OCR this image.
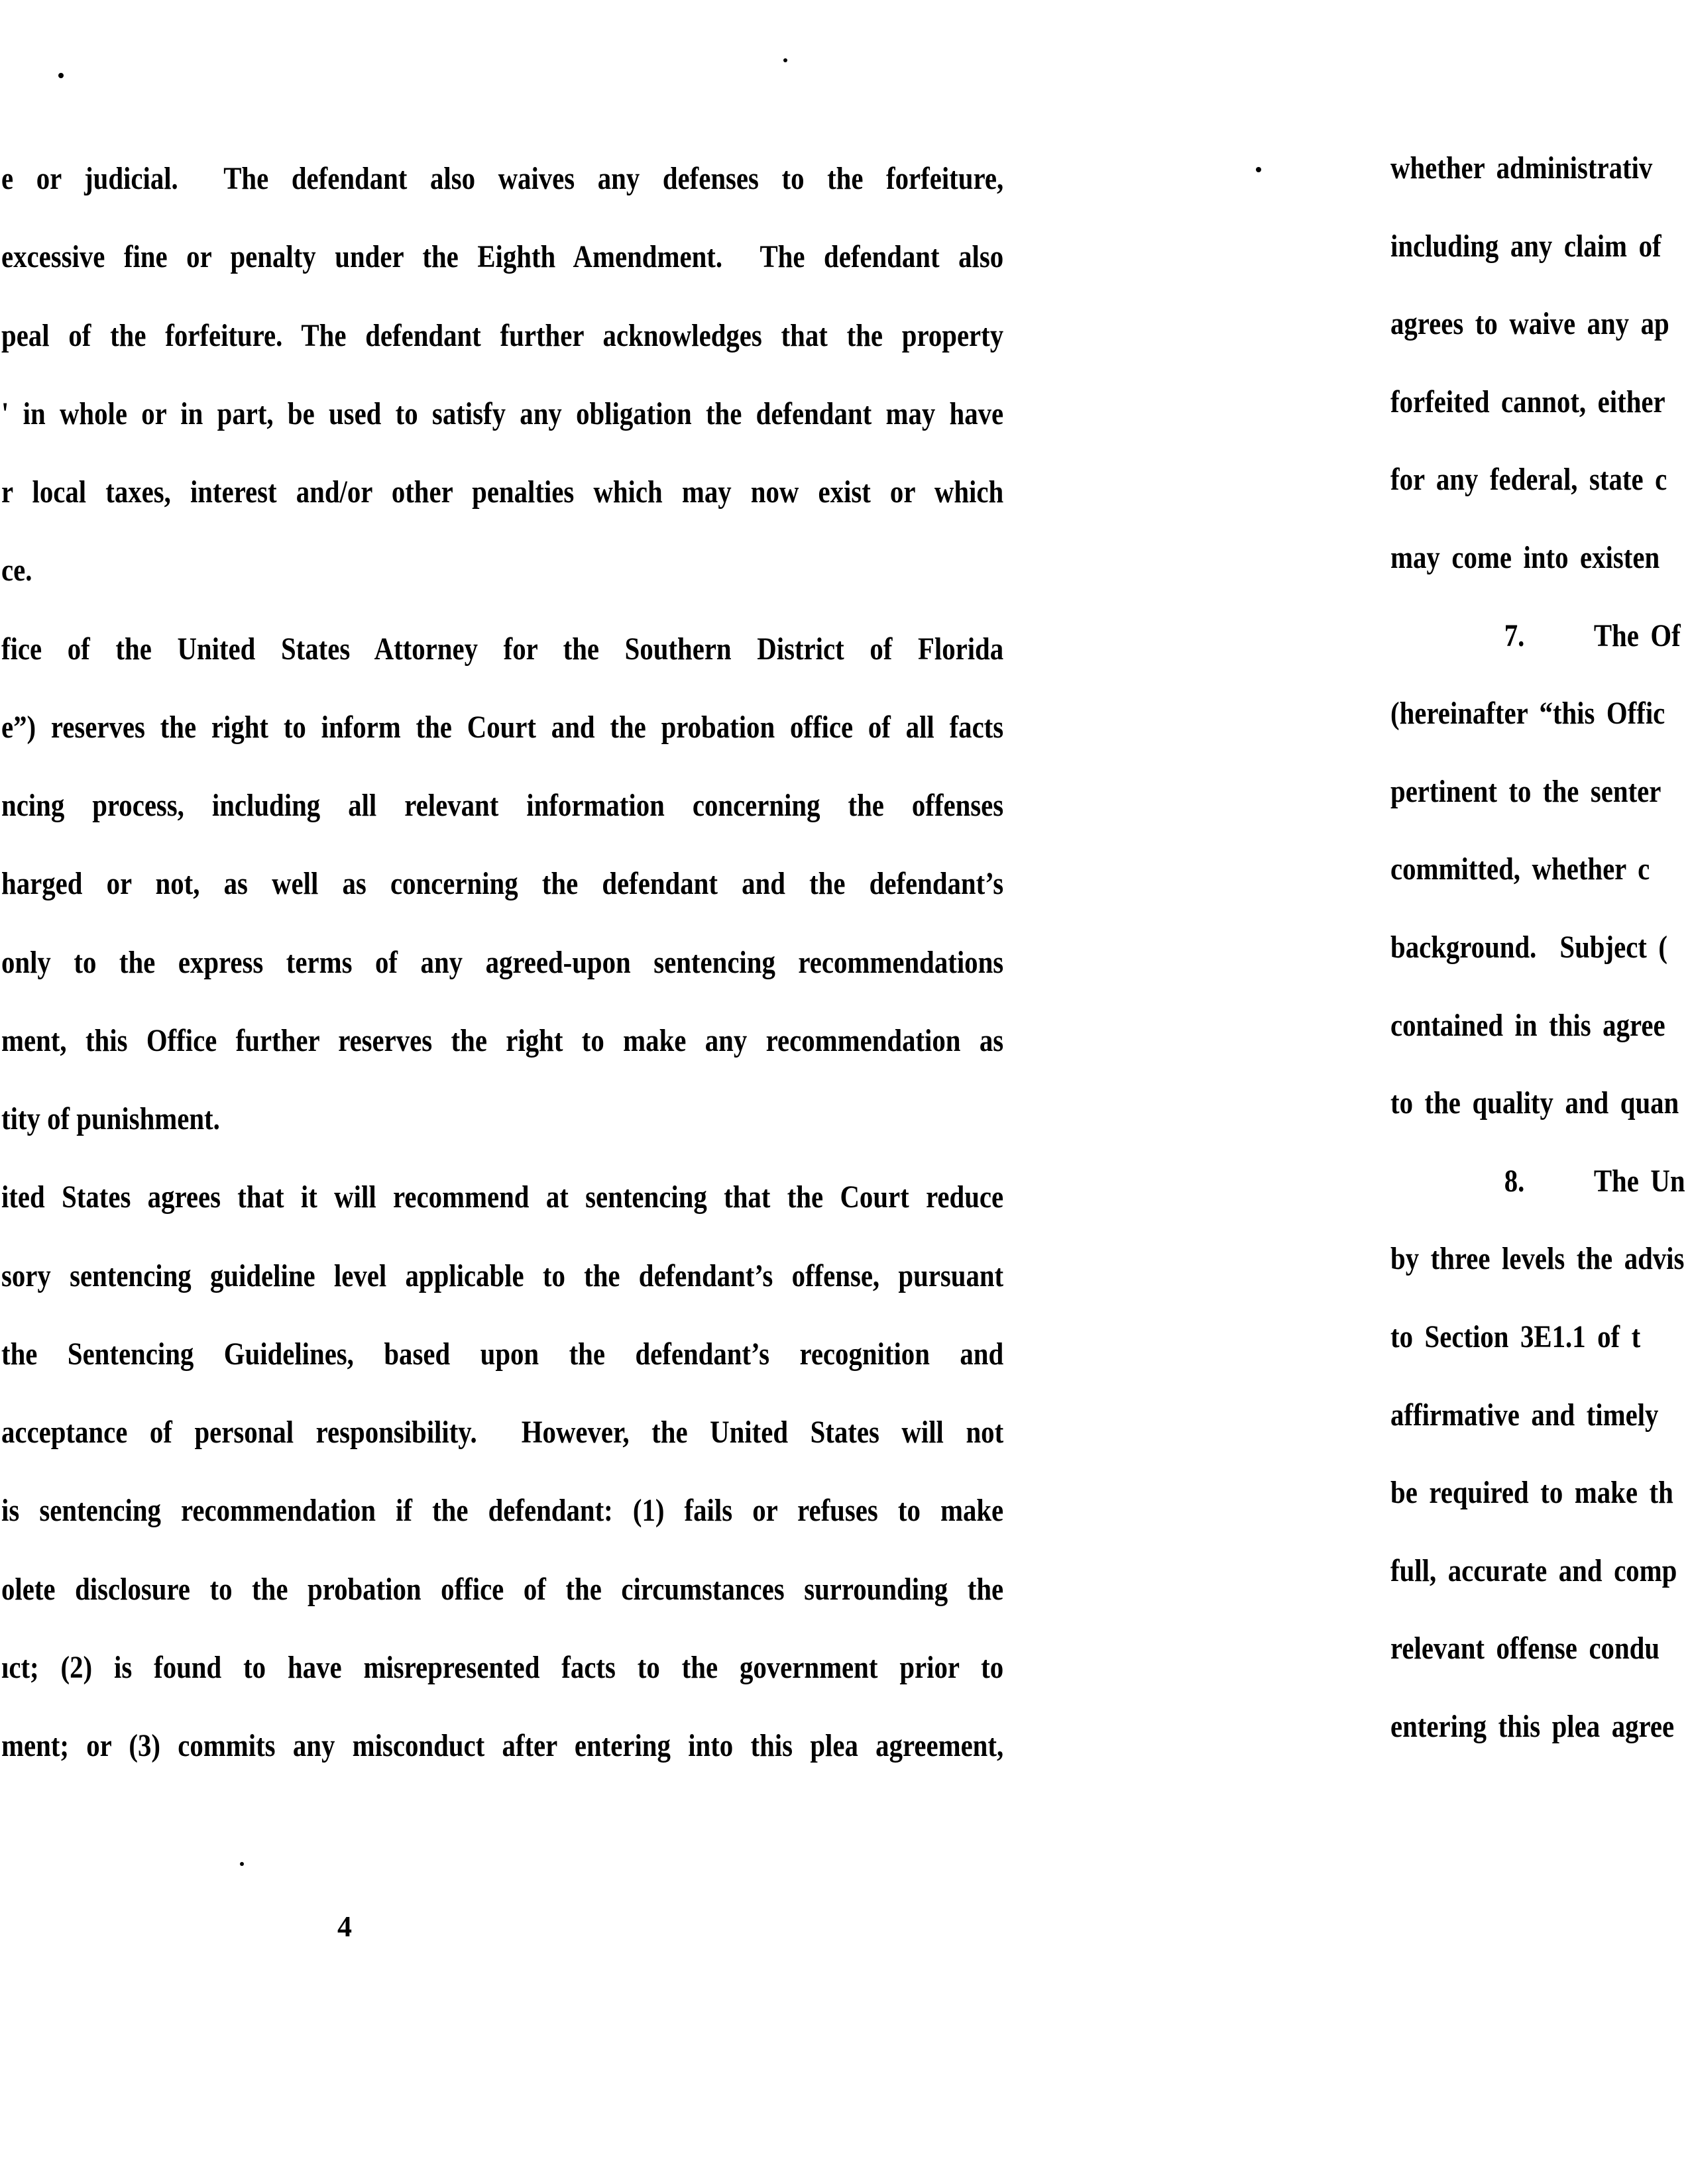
e or judicial.  The defendant also waives any defenses to the forfeiture,
excessive fine or penalty under the Eighth Amendment.  The defendant also
peal of the forfeiture. The defendant further acknowledges that the property
' in whole or in part, be used to satisfy any obligation the defendant may have
r local taxes, interest and/or other penalties which may now exist or which
ce.
fice of the United States Attorney for the Southern District of Florida
e”) reserves the right to inform the Court and the probation office of all facts
ncing process, including all relevant information concerning the offenses
harged or not, as well as concerning the defendant and the defendant’s
only to the express terms of any agreed-upon sentencing recommendations
ment, this Office further reserves the right to make any recommendation as
tity of punishment.
ited States agrees that it will recommend at sentencing that the Court reduce
sory sentencing guideline level applicable to the defendant’s offense, pursuant
the Sentencing Guidelines, based upon the defendant’s recognition and
acceptance of personal responsibility.  However, the United States will not
is sentencing recommendation if the defendant: (1) fails or refuses to make
olete disclosure to the probation office of the circumstances surrounding the
ıct; (2) is found to have misrepresented facts to the government prior to
ment; or (3) commits any misconduct after entering into this plea agreement,
whether administrativ
including any claim of
agrees to waive any ap
forfeited cannot, either
for any federal, state c
may come into existen
7.      The Of
(hereinafter “this Offic
pertinent to the senter
committed, whether c
background.  Subject (
contained in this agree
to the quality and quan
8.      The Un
by three levels the advis
to Section 3E1.1 of t
affirmative and timely
be required to make th
full, accurate and comp
relevant offense condu
entering this plea agree
4
